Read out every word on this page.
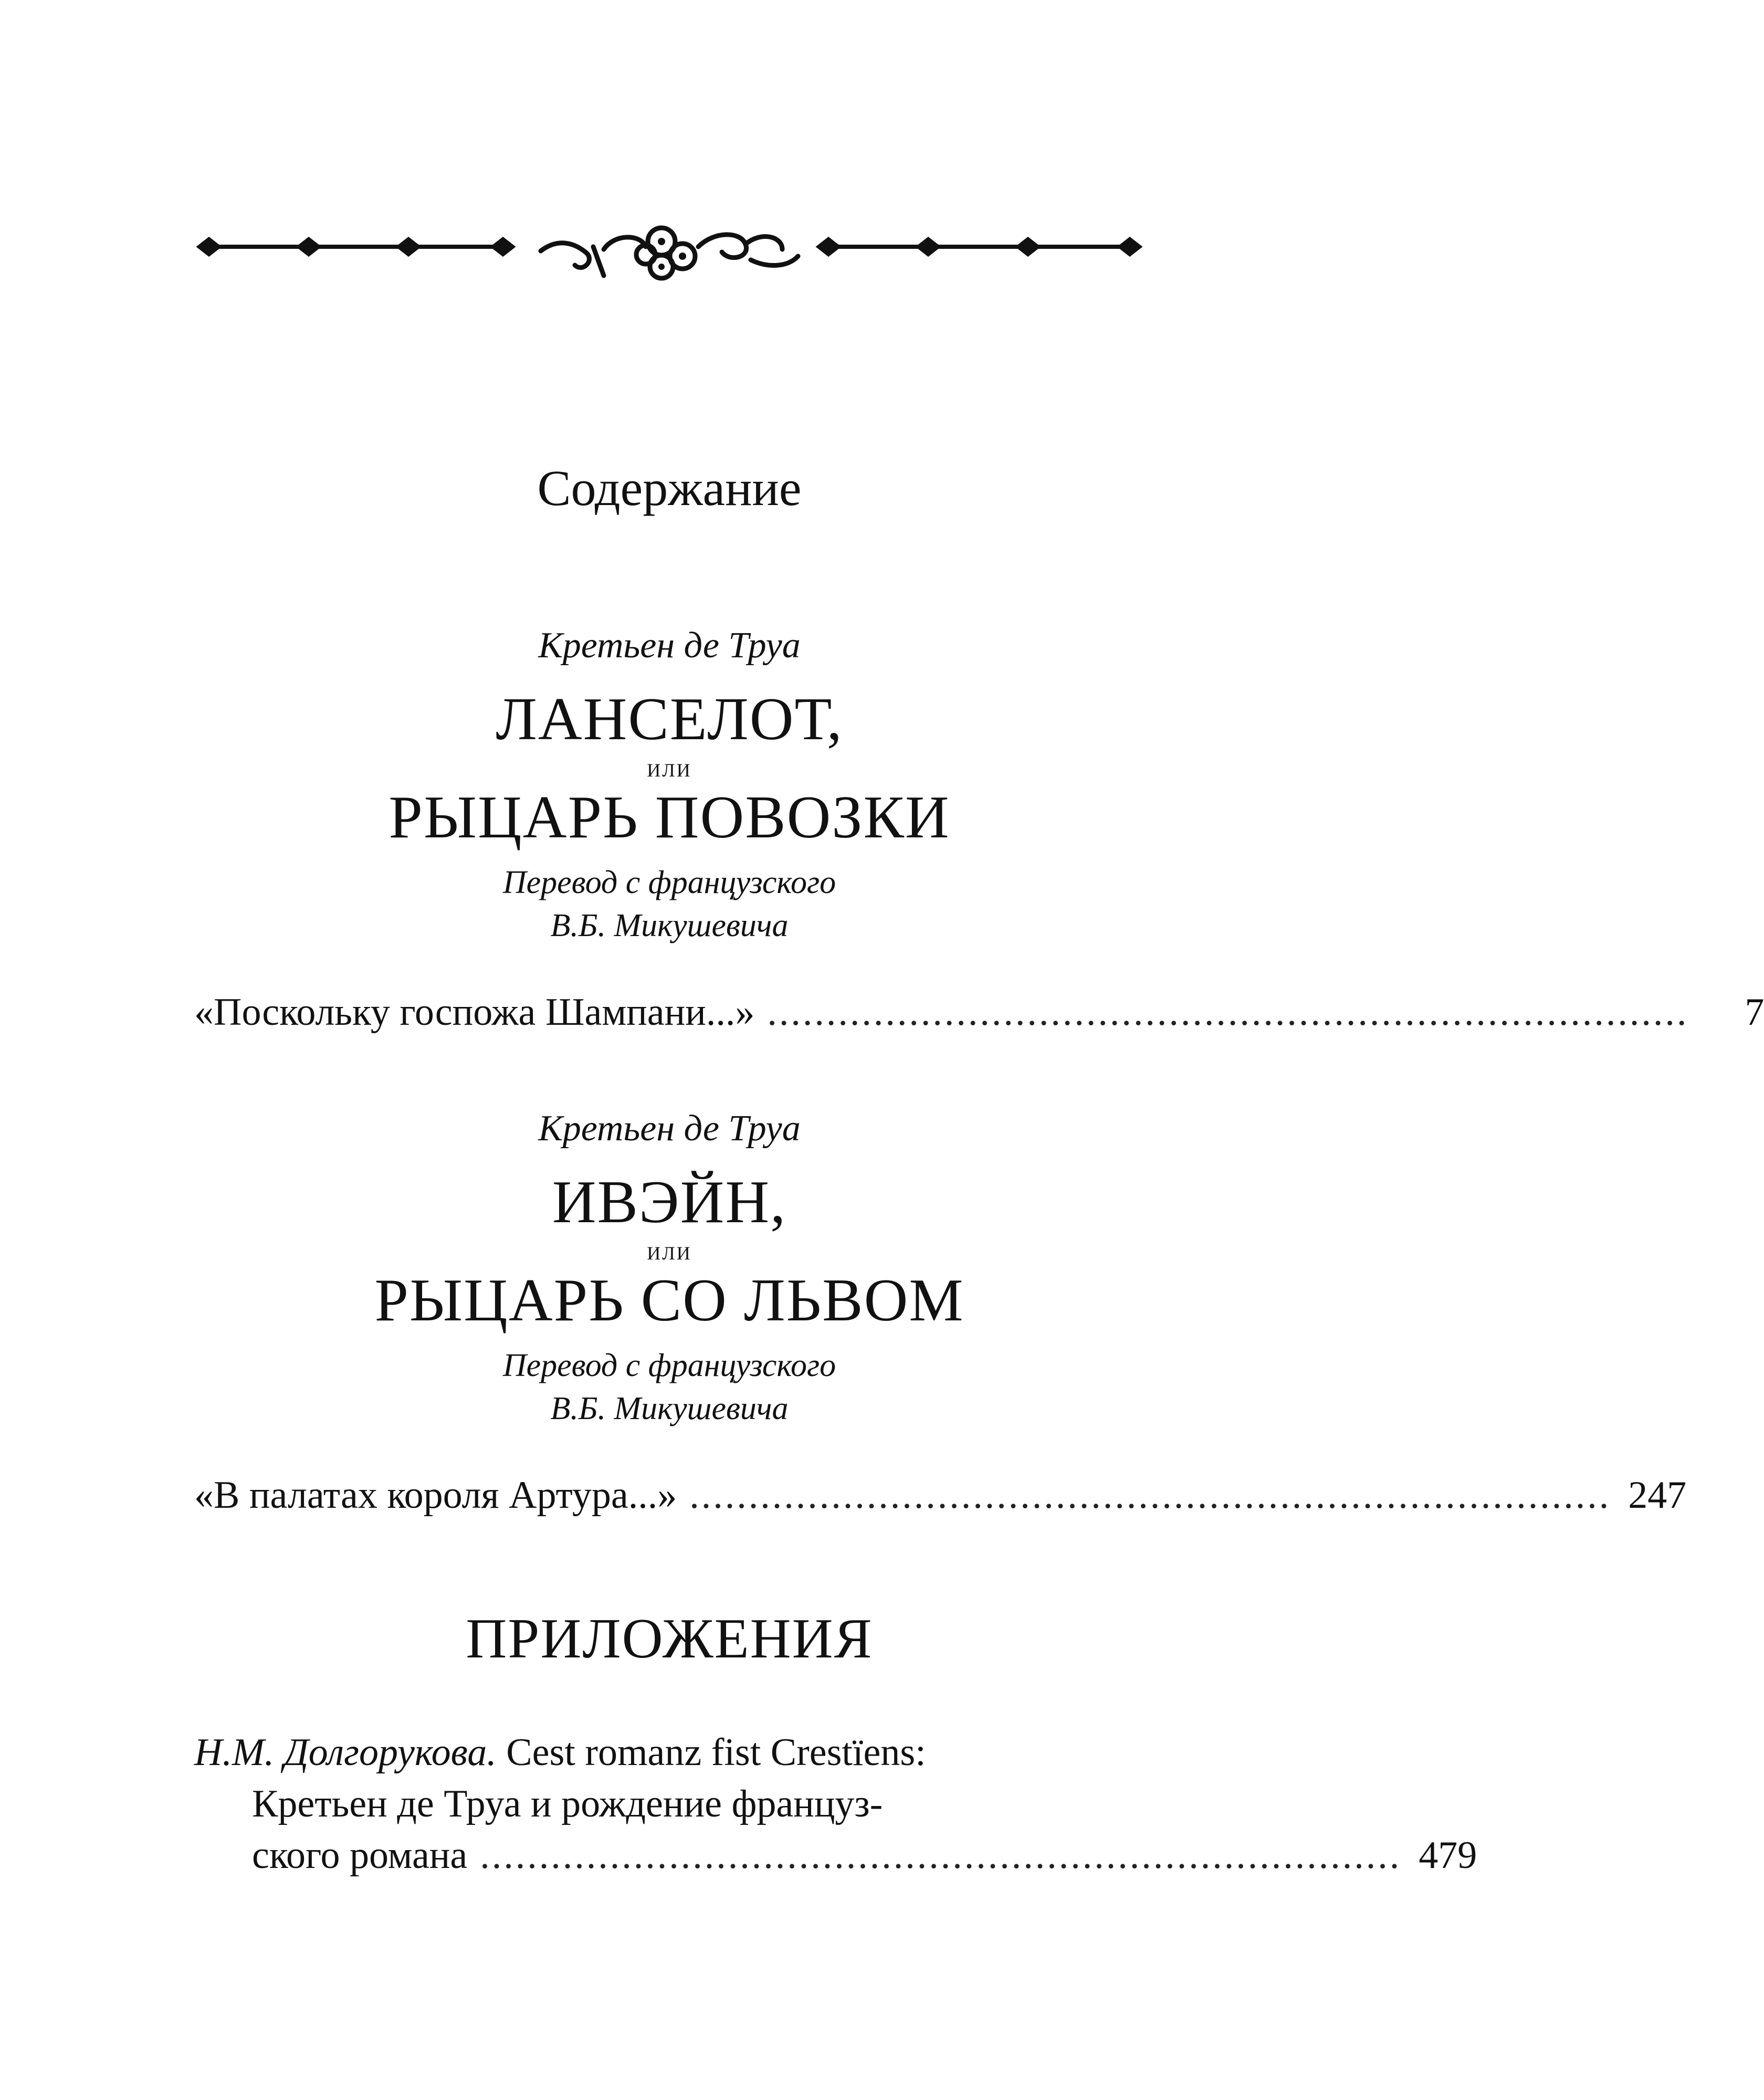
Содержание
Кретьен де Труа
ЛАНСЕЛОТ,
или
РЫЦАРЬ ПОВОЗКИ
Перевод с французского
В.Б. Микушевича
«Поскольку госпожа Шампани...» ..............................................................................	7
Кретьен де Труа
ИВЭЙН,
или
РЫЦАРЬ СО ЛЬВОМ
Перевод с французского
В.Б. Микушевича
«В палатах короля Артура...» .............................................................................. 247
ПРИЛОЖЕНИЯ
Н.М. Долгорукова. Cest romanz fist Crestïens:
Кретьен де Труа и рождение француз-
ского романа .............................................................................. 479
